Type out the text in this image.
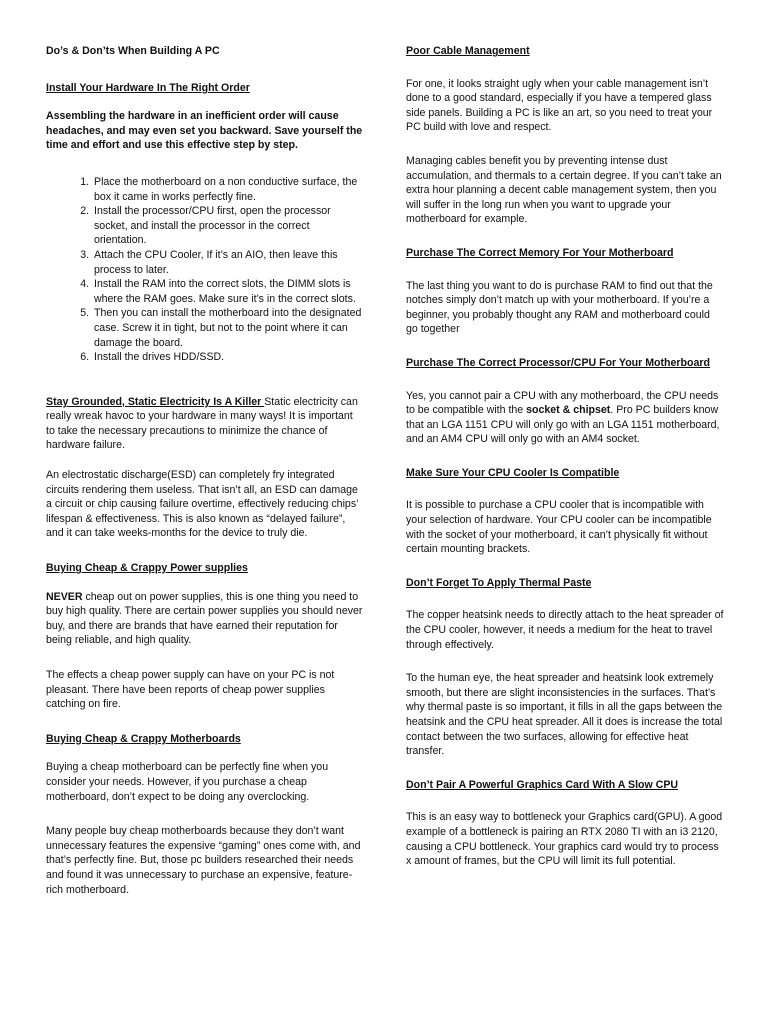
Do’s & Don’ts When Building A PC
Install Your Hardware In The Right Order

Assembling the hardware in an inefficient order will cause headaches, and may even set you backward. Save yourself the time and effort and use this effective step by step.

1. Place the motherboard on a non conductive surface, the box it came in works perfectly fine.
2. Install the processor/CPU first, open the processor socket, and install the processor in the correct orientation.
3. Attach the CPU Cooler, If it’s an AIO, then leave this process to later.
4. Install the RAM into the correct slots, the DIMM slots is where the RAM goes. Make sure it’s in the correct slots.
5. Then you can install the motherboard into the designated case. Screw it in tight, but not to the point where it can damage the board.
6. Install the drives HDD/SSD.

Stay Grounded, Static Electricity Is A Killer Static electricity can really wreak havoc to your hardware in many ways! It is important to take the necessary precautions to minimize the chance of hardware failure.

An electrostatic discharge(ESD) can completely fry integrated circuits rendering them useless. That isn’t all, an ESD can damage a circuit or chip causing failure overtime, effectively reducing chips’ lifespan & effectiveness. This is also known as “delayed failure”, and it can take weeks-months for the device to truly die.

Buying Cheap & Crappy Power supplies

NEVER cheap out on power supplies, this is one thing you need to buy high quality. There are certain power supplies you should never buy, and there are brands that have earned their reputation for being reliable, and high quality.

The effects a cheap power supply can have on your PC is not pleasant. There have been reports of cheap power supplies catching on fire.

Buying Cheap & Crappy Motherboards

Buying a cheap motherboard can be perfectly fine when you consider your needs. However, if you purchase a cheap motherboard, don’t expect to be doing any overclocking.

Many people buy cheap motherboards because they don’t want unnecessary features the expensive “gaming” ones come with, and that’s perfectly fine. But, those pc builders researched their needs and found it was unnecessary to purchase an expensive, feature-rich motherboard.

Poor Cable Management

For one, it looks straight ugly when your cable management isn’t done to a good standard, especially if you have a tempered glass side panels. Building a PC is like an art, so you need to treat your PC build with love and respect.

Managing cables benefit you by preventing intense dust accumulation, and thermals to a certain degree. If you can’t take an extra hour planning a decent cable management system, then you will suffer in the long run when you want to upgrade your motherboard for example.

Purchase The Correct Memory For Your Motherboard

The last thing you want to do is purchase RAM to find out that the notches simply don’t match up with your motherboard. If you’re a beginner, you probably thought any RAM and motherboard could go together

Purchase The Correct Processor/CPU For Your Motherboard

Yes, you cannot pair a CPU with any motherboard, the CPU needs to be compatible with the socket & chipset. Pro PC builders know that an LGA 1151 CPU will only go with an LGA 1151 motherboard, and an AM4 CPU will only go with an AM4 socket.

Make Sure Your CPU Cooler Is Compatible

It is possible to purchase a CPU cooler that is incompatible with your selection of hardware. Your CPU cooler can be incompatible with the socket of your motherboard, it can’t physically fit without certain mounting brackets.

Don’t Forget To Apply Thermal Paste

The copper heatsink needs to directly attach to the heat spreader of the CPU cooler, however, it needs a medium for the heat to travel through effectively.

To the human eye, the heat spreader and heatsink look extremely smooth, but there are slight inconsistencies in the surfaces. That’s why thermal paste is so important, it fills in all the gaps between the heatsink and the CPU heat spreader. All it does is increase the total contact between the two surfaces, allowing for effective heat transfer.

Don’t Pair A Powerful Graphics Card With A Slow CPU

This is an easy way to bottleneck your Graphics card(GPU). A good example of a bottleneck is pairing an RTX 2080 TI with an i3 2120, causing a CPU bottleneck. Your graphics card would try to process x amount of frames, but the CPU will limit its full potential.
